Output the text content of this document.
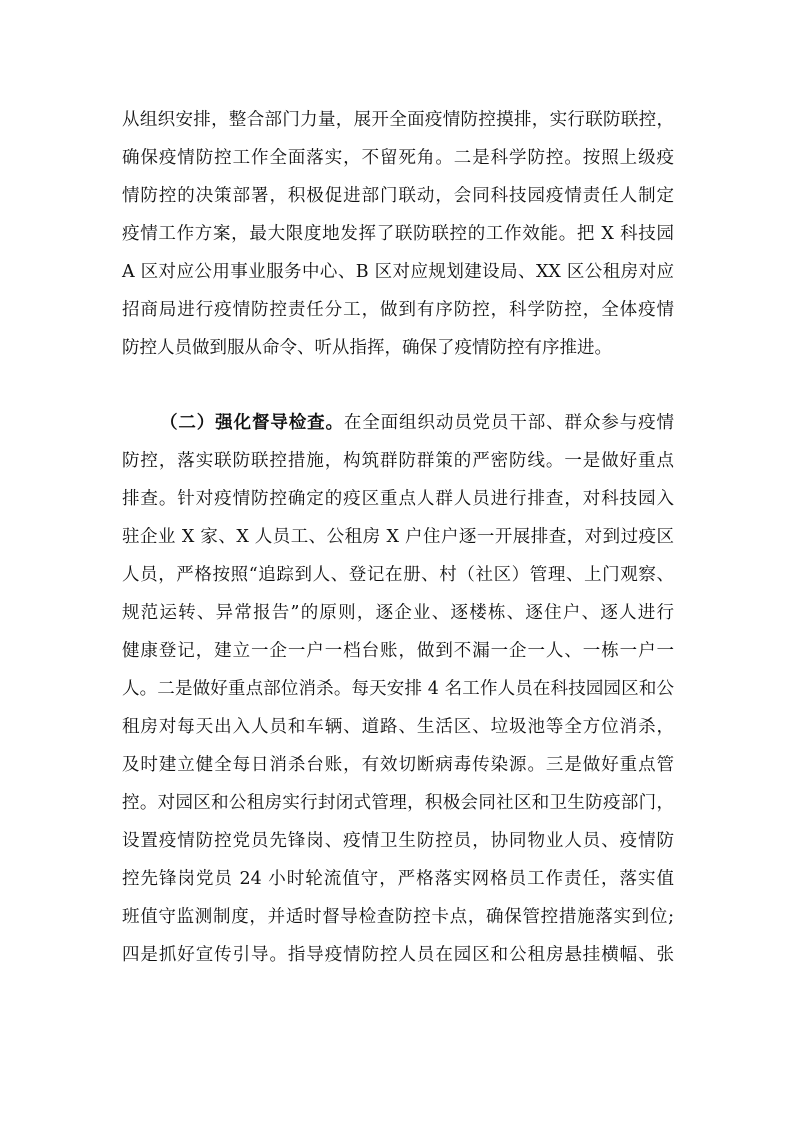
从组织安排，整合部门力量，展开全面疫情防控摸排，实行联防联控，
确保疫情防控工作全面落实，不留死角。二是科学防控。按照上级疫
情防控的决策部署，积极促进部门联动，会同科技园疫情责任人制定
疫情工作方案，最大限度地发挥了联防联控的工作效能。把 X 科技园
A 区对应公用事业服务中心、B 区对应规划建设局、XX 区公租房对应
招商局进行疫情防控责任分工，做到有序防控，科学防控，全体疫情
防控人员做到服从命令、听从指挥，确保了疫情防控有序推进。
（二）强化督导检查。在全面组织动员党员干部、群众参与疫情
防控，落实联防联控措施，构筑群防群策的严密防线。一是做好重点
排查。针对疫情防控确定的疫区重点人群人员进行排查，对科技园入
驻企业 X 家、X 人员工、公租房 X 户住户逐一开展排查，对到过疫区
人员，严格按照“追踪到人、登记在册、村（社区）管理、上门观察、
规范运转、异常报告”的原则，逐企业、逐楼栋、逐住户、逐人进行
健康登记，建立一企一户一档台账，做到不漏一企一人、一栋一户一
人。二是做好重点部位消杀。每天安排 4 名工作人员在科技园园区和公
租房对每天出入人员和车辆、道路、生活区、垃圾池等全方位消杀，
及时建立健全每日消杀台账，有效切断病毒传染源。三是做好重点管
控。对园区和公租房实行封闭式管理，积极会同社区和卫生防疫部门，
设置疫情防控党员先锋岗、疫情卫生防控员，协同物业人员、疫情防
控先锋岗党员 24 小时轮流值守，严格落实网格员工作责任，落实值
班值守监测制度，并适时督导检查防控卡点，确保管控措施落实到位;
四是抓好宣传引导。指导疫情防控人员在园区和公租房悬挂横幅、张
